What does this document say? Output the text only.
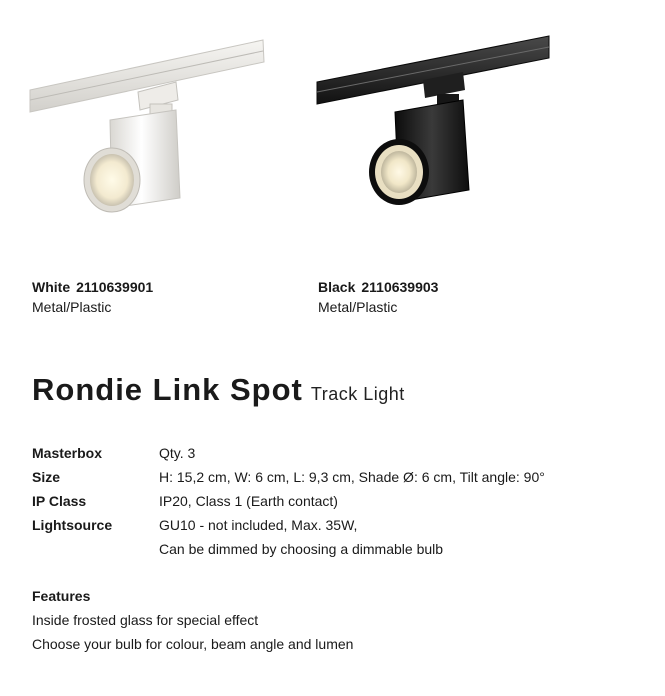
White 2110639901
Metal/Plastic
Black 2110639903
Metal/Plastic
Rondie Link Spot Track Light
Masterbox	Qty. 3
Size	H: 15,2 cm, W: 6 cm, L: 9,3 cm, Shade Ø: 6 cm, Tilt angle: 90°
IP Class	IP20, Class 1 (Earth contact)
Lightsource	GU10 - not included, Max. 35W,
Can be dimmed by choosing a dimmable bulb
Features
Inside frosted glass for special effect
Choose your bulb for colour, beam angle and lumen
